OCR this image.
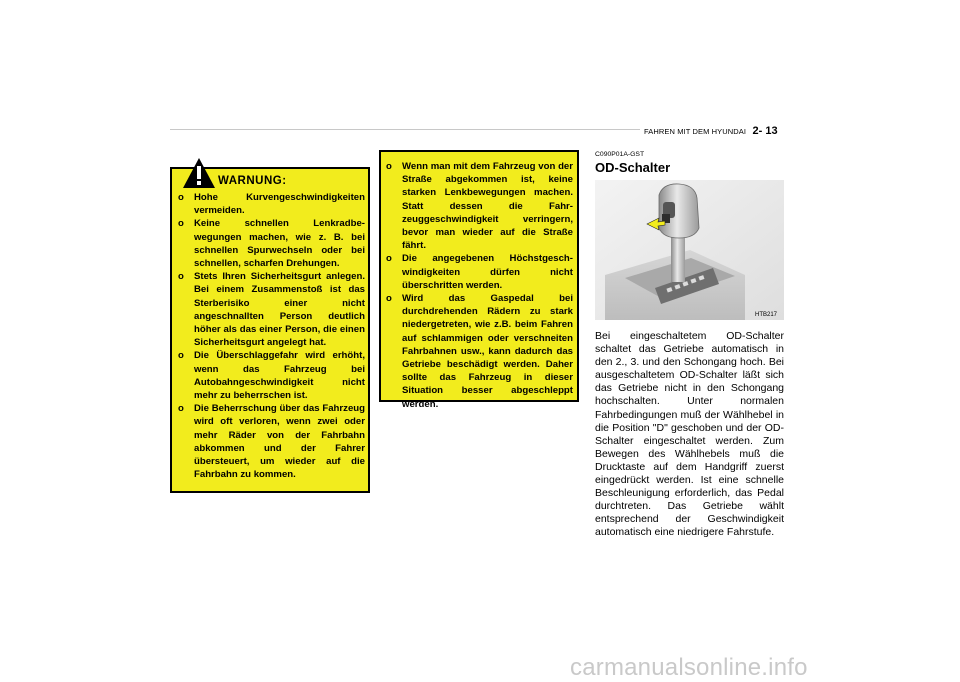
FAHREN MIT DEM HYUNDAI 2- 13
WARNUNG:
o Hohe Kurvengeschwindigkeiten vermeiden.
o Keine schnellen Lenkradbe-wegungen machen, wie z. B. bei schnellen Spurwechseln oder bei schnellen, scharfen Drehungen.
o Stets Ihren Sicherheitsgurt anlegen. Bei einem Zusammenstoß ist das Sterberisiko einer nicht angeschnallten Person deutlich höher als das einer Person, die einen Sicherheitsgurt angelegt hat.
o Die Überschlaggefahr wird erhöht, wenn das Fahrzeug bei Autobahngeschwindigkeit nicht mehr zu beherrschen ist.
o Die Beherrschung über das Fahrzeug wird oft verloren, wenn zwei oder mehr Räder von der Fahrbahn abkommen und der Fahrer übersteuert, um wieder auf die Fahrbahn zu kommen.
o Wenn man mit dem Fahrzeug von der Straße abgekommen ist, keine starken Lenkbewegungen machen. Statt dessen die Fahr-zeuggeschwindigkeit verringern, bevor man wieder auf die Straße fährt.
o Die angegebenen Höchstgesch-windigkeiten dürfen nicht überschritten werden.
o Wird das Gaspedal bei durchdrehenden Rädern zu stark niedergetreten, wie z.B. beim Fahren auf schlammigen oder verschneiten Fahrbahnen usw., kann dadurch das Getriebe beschädigt werden. Daher sollte das Fahrzeug in dieser Situation besser abgeschleppt werden.
C090P01A-GST
OD-Schalter
HTB217
Bei eingeschaltetem OD-Schalter schaltet das Getriebe automatisch in den 2., 3. und den Schongang hoch. Bei ausgeschaltetem OD-Schalter läßt sich das Getriebe nicht in den Schongang hochschalten. Unter normalen Fahrbedingungen muß der Wählhebel in die Position "D" geschoben und der OD-Schalter eingeschaltet werden. Zum Bewegen des Wählhebels muß die Drucktaste auf dem Handgriff zuerst eingedrückt werden. Ist eine schnelle Beschleunigung erforderlich, das Pedal durchtreten. Das Getriebe wählt entsprechend der Geschwindigkeit automatisch eine niedrigere Fahrstufe.
carmanualsonline.info
